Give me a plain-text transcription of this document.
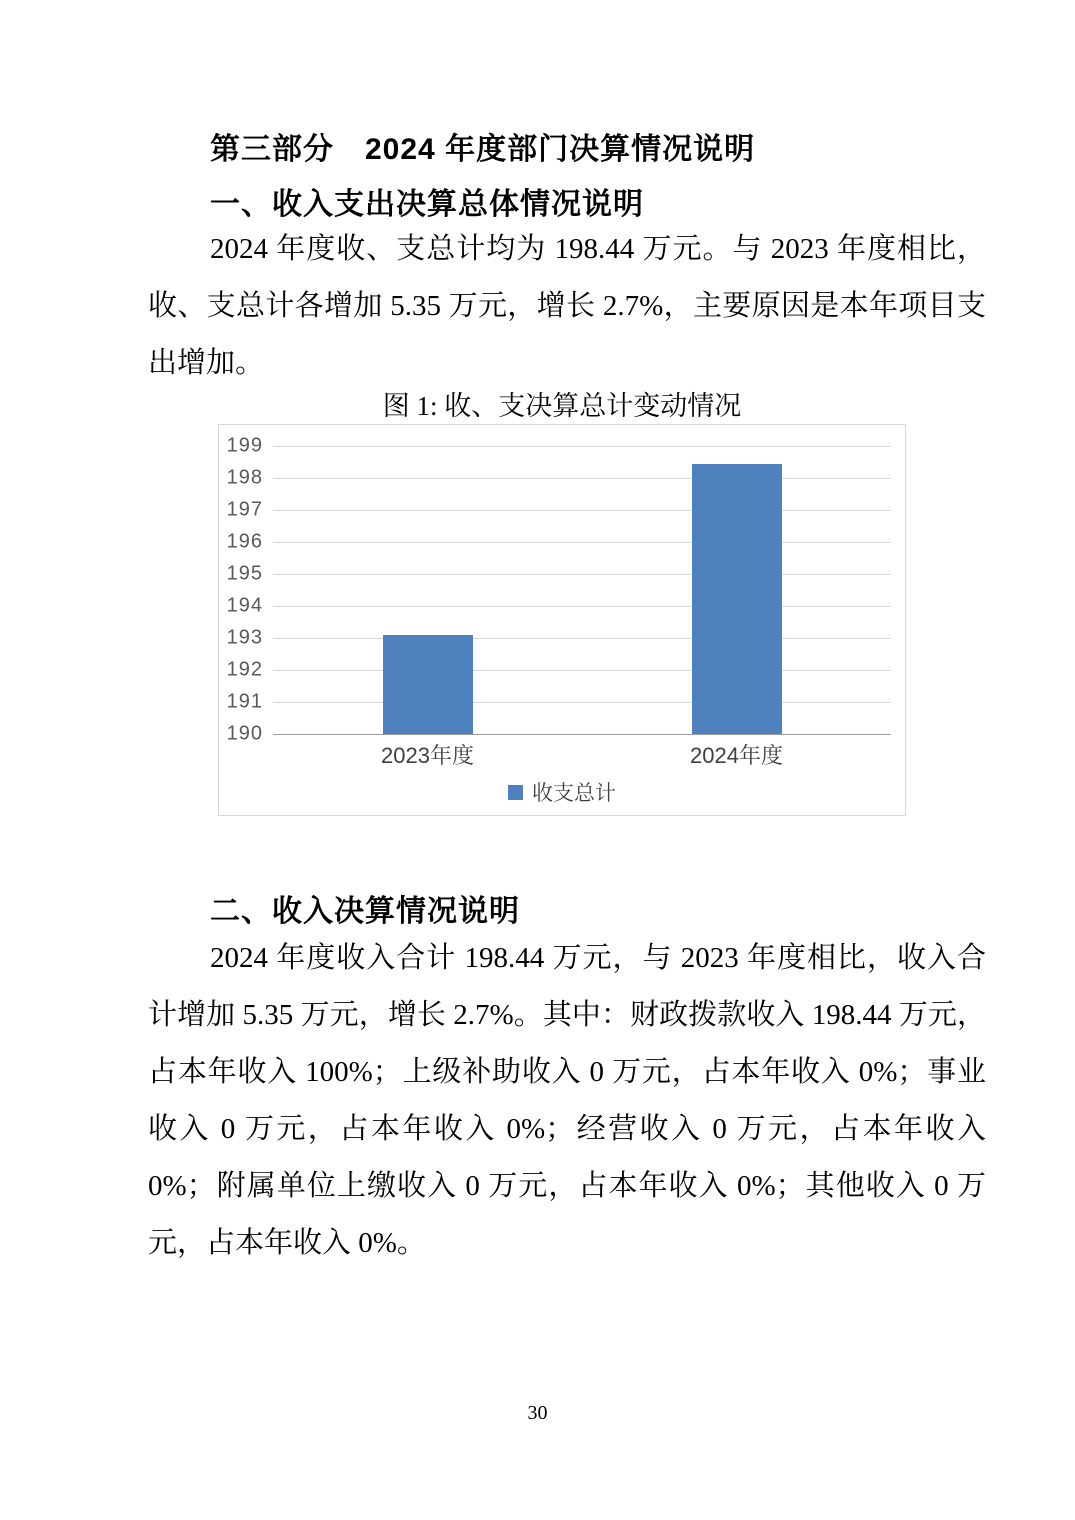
第三部分　2024 年度部门决算情况说明
一、收入支出决算总体情况说明

2024 年度收、支总计均为 198.44 万元。与 2023 年度相比，收、支总计各增加 5.35 万元，增长 2.7%，主要原因是本年项目支出增加。

图 1: 收、支决算总计变动情况
199
198
197
196
195
194
193
192
191
190
2023年度	2024年度
收支总计
二、收入决算情况说明

2024 年度收入合计 198.44 万元，与 2023 年度相比，收入合计增加 5.35 万元，增长 2.7%。其中：财政拨款收入 198.44 万元，占本年收入 100%；上级补助收入 0 万元，占本年收入 0%；事业收入 0 万元，占本年收入 0%；经营收入 0 万元，占本年收入 0%；附属单位上缴收入 0 万元，占本年收入 0%；其他收入 0 万元，占本年收入 0%。

30
